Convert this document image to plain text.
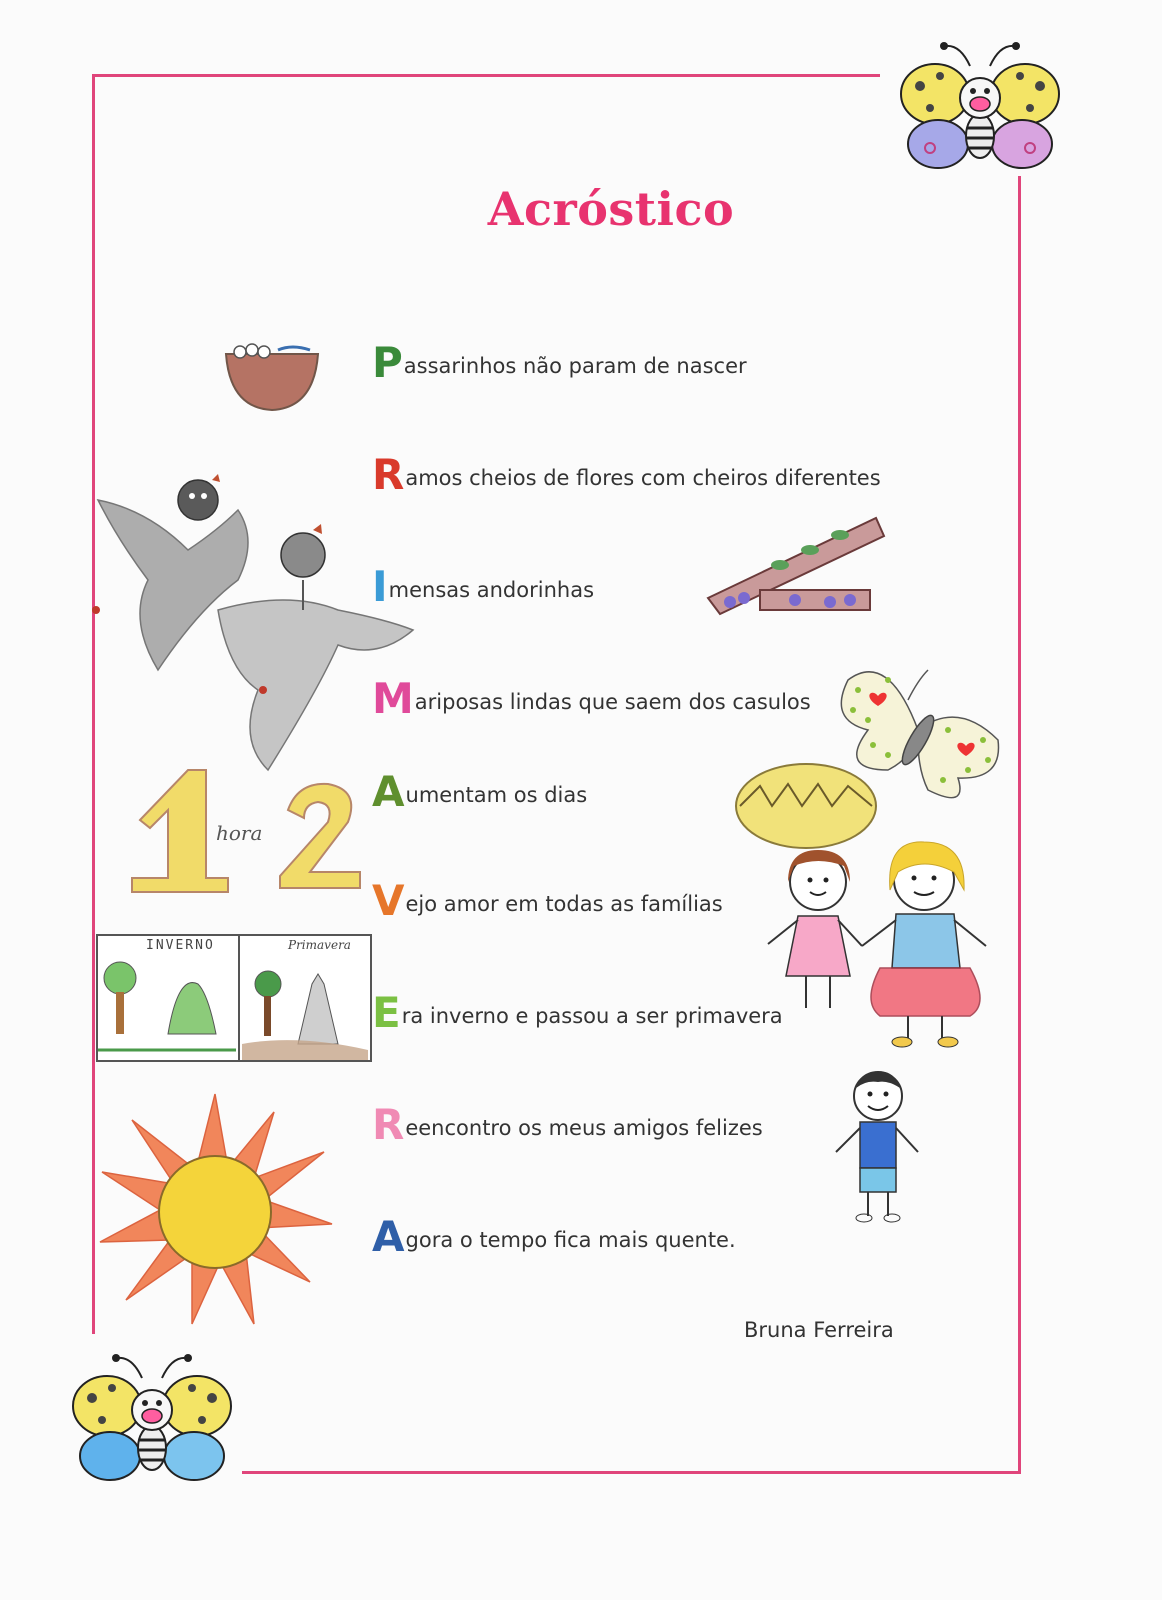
Acróstico
Passarinhos não param de nascer
Ramos cheios de flores com cheiros diferentes
Imensas andorinhas
Mariposas lindas que saem dos casulos
Aumentam os dias
Vejo amor em todas as famílias
Era inverno e passou a ser primavera
Reencontro os meus amigos felizes
Agora o tempo fica mais quente.
Bruna Ferreira
hora
INVERNO	Primavera
